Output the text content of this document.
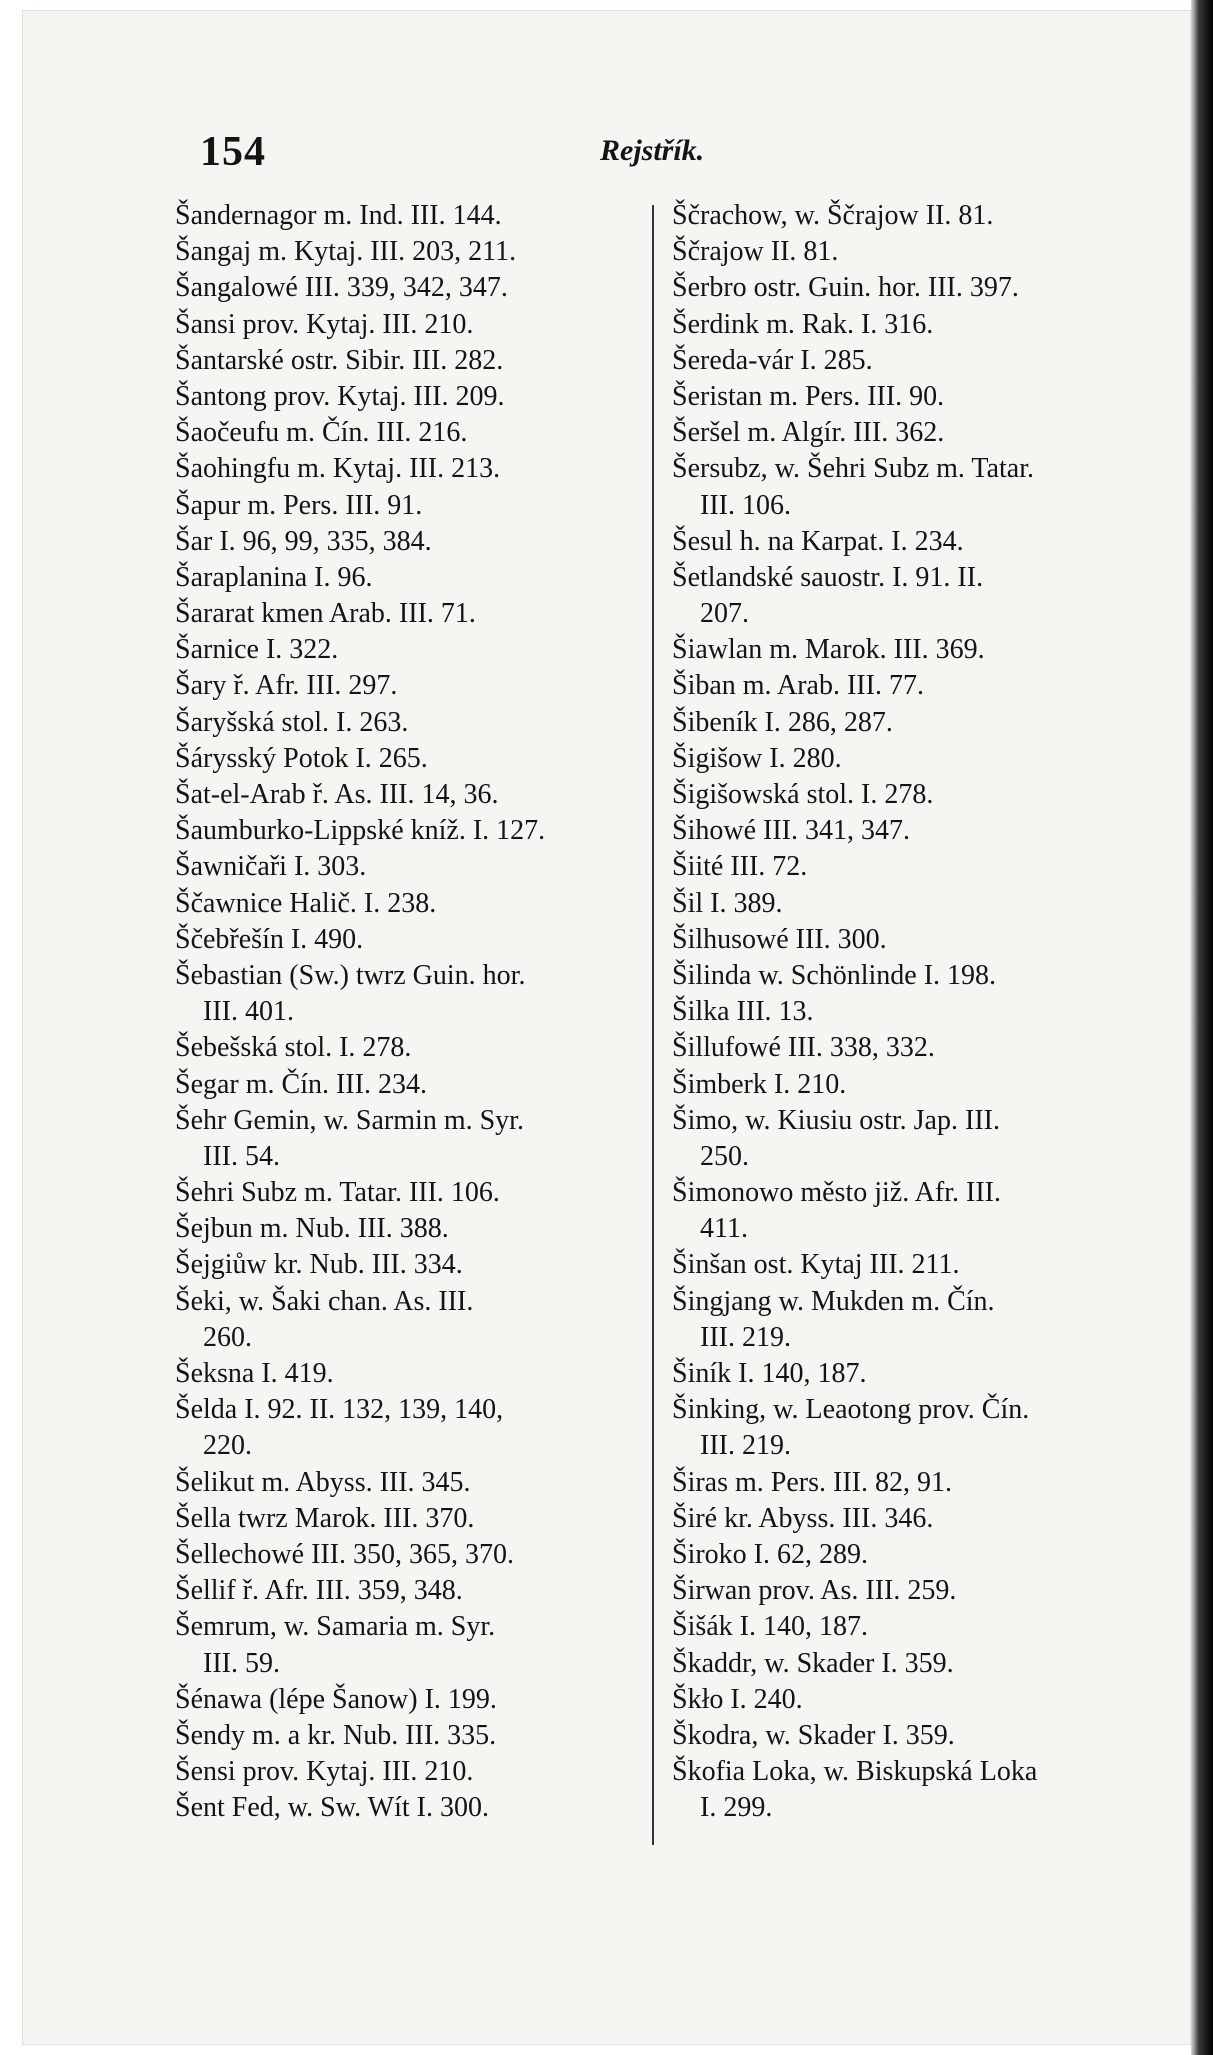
154	Rejstřík.
Šandernagor m. Ind. III. 144.
Šangaj m. Kytaj. III. 203, 211.
Šangalowé III. 339, 342, 347.
Šansi prov. Kytaj. III. 210.
Šantarské ostr. Sibir. III. 282.
Šantong prov. Kytaj. III. 209.
Šaočeufu m. Čín. III. 216.
Šaohingfu m. Kytaj. III. 213.
Šapur m. Pers. III. 91.
Šar I. 96, 99, 335, 384.
Šaraplanina I. 96.
Šararat kmen Arab. III. 71.
Šarnice I. 322.
Šary ř. Afr. III. 297.
Šaryšská stol. I. 263.
Šárysský Potok I. 265.
Šat-el-Arab ř. As. III. 14, 36.
Šaumburko-Lippské kníž. I. 127.
Šawničaři I. 303.
Ščawnice Halič. I. 238.
Ščebřešín I. 490.
Šebastian (Sw.) twrz Guin. hor.
III. 401.
Šebešská stol. I. 278.
Šegar m. Čín. III. 234.
Šehr Gemin, w. Sarmin m. Syr.
III. 54.
Šehri Subz m. Tatar. III. 106.
Šejbun m. Nub. III. 388.
Šejgiůw kr. Nub. III. 334.
Šeki, w. Šaki chan. As. III.
260.
Šeksna I. 419.
Šelda I. 92. II. 132, 139, 140,
220.
Šelikut m. Abyss. III. 345.
Šella twrz Marok. III. 370.
Šellechowé III. 350, 365, 370.
Šellif ř. Afr. III. 359, 348.
Šemrum, w. Samaria m. Syr.
III. 59.
Šénawa (lépe Šanow) I. 199.
Šendy m. a kr. Nub. III. 335.
Šensi prov. Kytaj. III. 210.
Šent Fed, w. Sw. Wít I. 300.
Ščrachow, w. Ščrajow II. 81.
Ščrajow II. 81.
Šerbro ostr. Guin. hor. III. 397.
Šerdink m. Rak. I. 316.
Šereda-vár I. 285.
Šeristan m. Pers. III. 90.
Šeršel m. Algír. III. 362.
Šersubz, w. Šehri Subz m. Tatar.
III. 106.
Šesul h. na Karpat. I. 234.
Šetlandské sauostr. I. 91. II.
207.
Šiawlan m. Marok. III. 369.
Šiban m. Arab. III. 77.
Šibeník I. 286, 287.
Šigišow I. 280.
Šigišowská stol. I. 278.
Šihowé III. 341, 347.
Šiité III. 72.
Šil I. 389.
Šilhusowé III. 300.
Šilinda w. Schönlinde I. 198.
Šilka III. 13.
Šillufowé III. 338, 332.
Šimberk I. 210.
Šimo, w. Kiusiu ostr. Jap. III.
250.
Šimonowo město již. Afr. III.
411.
Šinšan ost. Kytaj III. 211.
Šingjang w. Mukden m. Čín.
III. 219.
Šiník I. 140, 187.
Šinking, w. Leaotong prov. Čín.
III. 219.
Širas m. Pers. III. 82, 91.
Širé kr. Abyss. III. 346.
Široko I. 62, 289.
Širwan prov. As. III. 259.
Šišák I. 140, 187.
Škaddr, w. Skader I. 359.
Škło I. 240.
Škodra, w. Skader I. 359.
Škofia Loka, w. Biskupská Loka
I. 299.
